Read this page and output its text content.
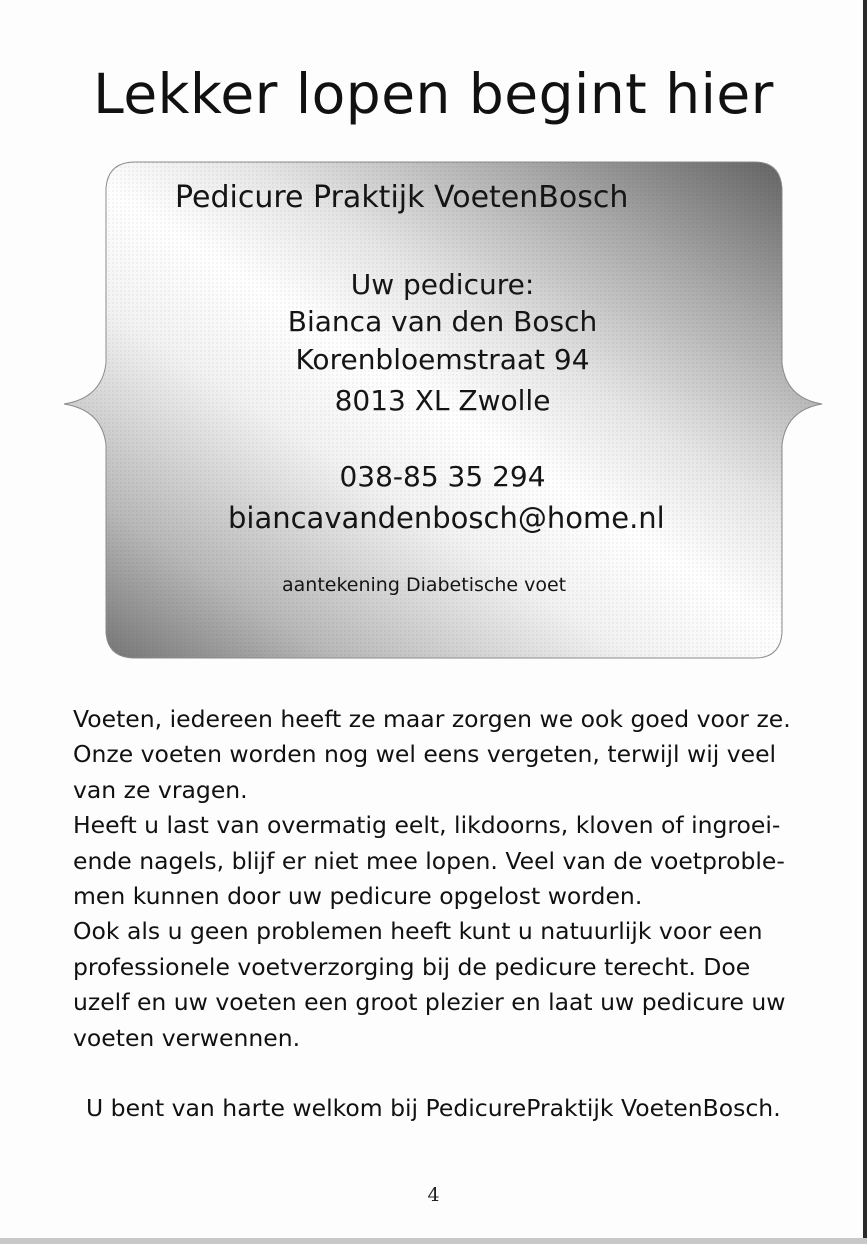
Lekker lopen begint hier

Pedicure Praktijk VoetenBosch

Uw pedicure:

Bianca van den Bosch

Korenbloemstraat 94

8013 XL Zwolle

038-85 35 294

biancavandenbosch@home.nl

aantekening Diabetische voet

Voeten, iedereen heeft ze maar zorgen we ook goed voor ze.

Onze voeten worden nog wel eens vergeten, terwijl wij veel

van ze vragen.

Heeft u last van overmatig eelt, likdoorns, kloven of ingroei-

ende nagels, blijf er niet mee lopen. Veel van de voetproble-

men kunnen door uw pedicure opgelost worden.

Ook als u geen problemen heeft kunt u natuurlijk voor een

professionele voetverzorging bij de pedicure terecht. Doe

uzelf en uw voeten een groot plezier en laat uw pedicure uw

voeten verwennen.

U bent van harte welkom bij PedicurePraktijk VoetenBosch.

4
